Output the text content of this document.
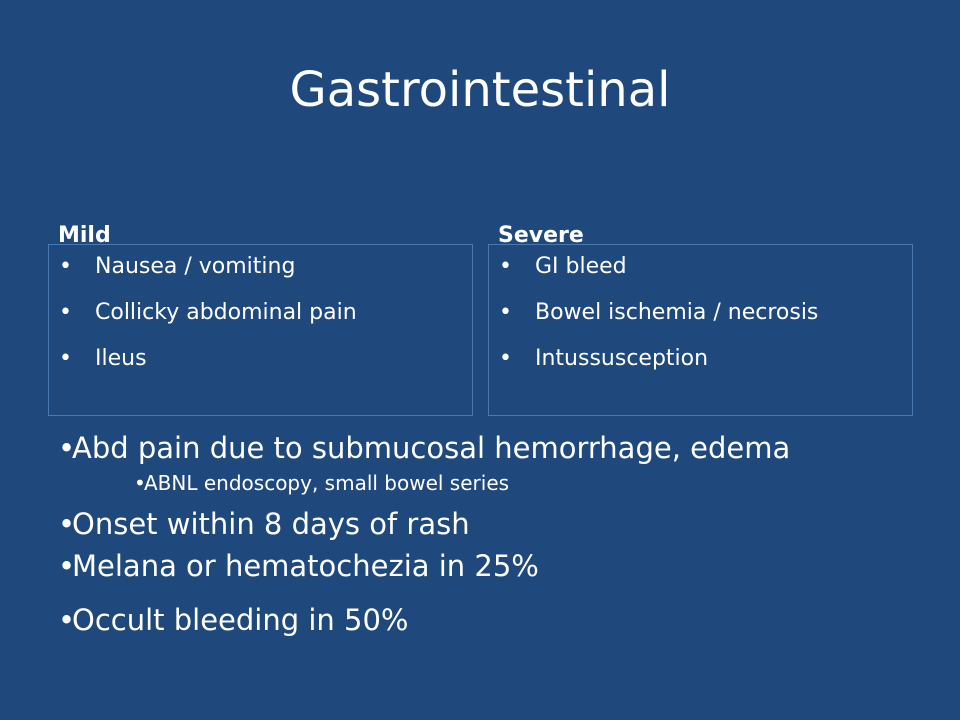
Gastrointestinal
Mild
• Nausea / vomiting
• Collicky abdominal pain
• Ileus
Severe
• GI bleed
• Bowel ischemia / necrosis
• Intussusception
•
Abd pain due to submucosal hemorrhage, edema
•
ABNL endoscopy, small bowel series
•
Onset within 8 days of rash
•
Melana or hematochezia in 25%
•
Occult bleeding in 50%
